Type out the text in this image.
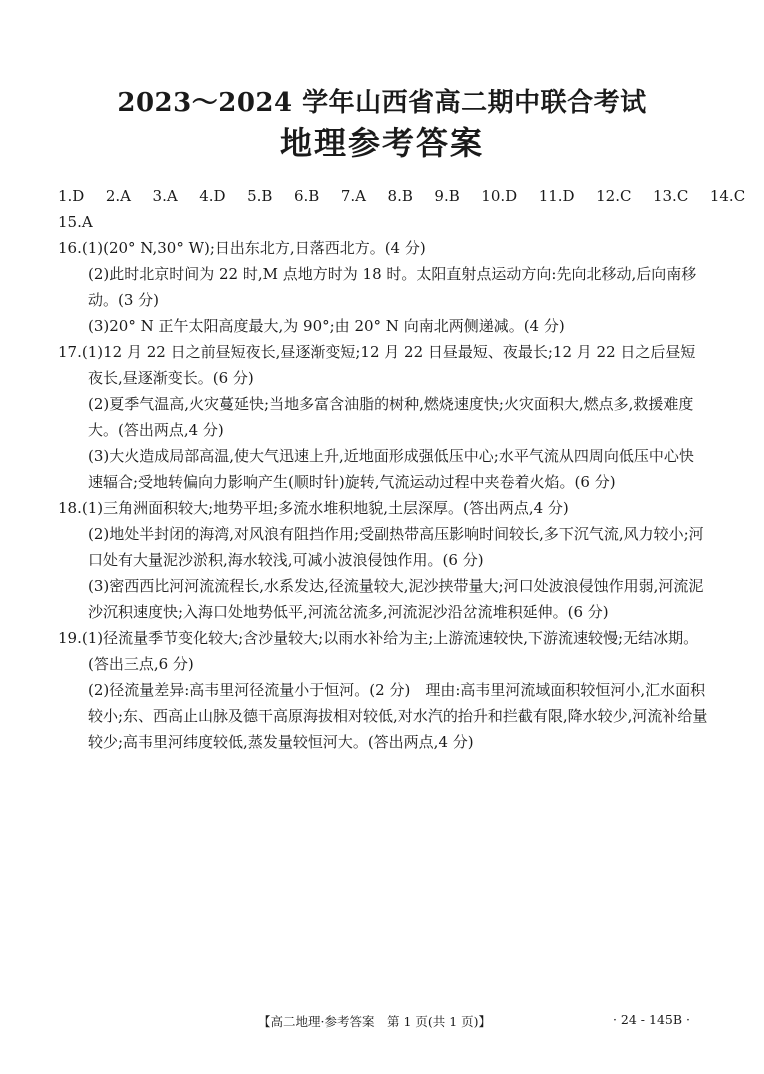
2023～2024 学年山西省高二期中联合考试
地理参考答案
1.D  2.A  3.A  4.D  5.B  6.B  7.A  8.B  9.B  10.D  11.D  12.C  13.C  14.C
15.A

16.(1)(20° N,30° W);日出东北方,日落西北方。(4 分)

(2)此时北京时间为 22 时,M 点地方时为 18 时。太阳直射点运动方向:先向北移动,后向南移动。(3 分)

(3)20° N 正午太阳高度最大,为 90°;由 20° N 向南北两侧递减。(4 分)

17.(1)12 月 22 日之前昼短夜长,昼逐渐变短;12 月 22 日昼最短、夜最长;12 月 22 日之后昼短夜长,昼逐渐变长。(6 分)

(2)夏季气温高,火灾蔓延快;当地多富含油脂的树种,燃烧速度快;火灾面积大,燃点多,救援难度大。(答出两点,4 分)

(3)大火造成局部高温,使大气迅速上升,近地面形成强低压中心;水平气流从四周向低压中心快速辐合;受地转偏向力影响产生(顺时针)旋转,气流运动过程中夹卷着火焰。(6 分)

18.(1)三角洲面积较大;地势平坦;多流水堆积地貌,土层深厚。(答出两点,4 分)

(2)地处半封闭的海湾,对风浪有阻挡作用;受副热带高压影响时间较长,多下沉气流,风力较小;河口处有大量泥沙淤积,海水较浅,可减小波浪侵蚀作用。(6 分)

(3)密西西比河河流流程长,水系发达,径流量较大,泥沙挟带量大;河口处波浪侵蚀作用弱,河流泥沙沉积速度快;入海口处地势低平,河流岔流多,河流泥沙沿岔流堆积延伸。(6 分)

19.(1)径流量季节变化较大;含沙量较大;以雨水补给为主;上游流速较快,下游流速较慢;无结冰期。(答出三点,6 分)

(2)径流量差异:高韦里河径流量小于恒河。(2 分)　理由:高韦里河流域面积较恒河小,汇水面积较小;东、西高止山脉及德干高原海拔相对较低,对水汽的抬升和拦截有限,降水较少,河流补给量较少;高韦里河纬度较低,蒸发量较恒河大。(答出两点,4 分)

【高二地理·参考答案　第 1 页(共 1 页)】	· 24 - 145B ·
